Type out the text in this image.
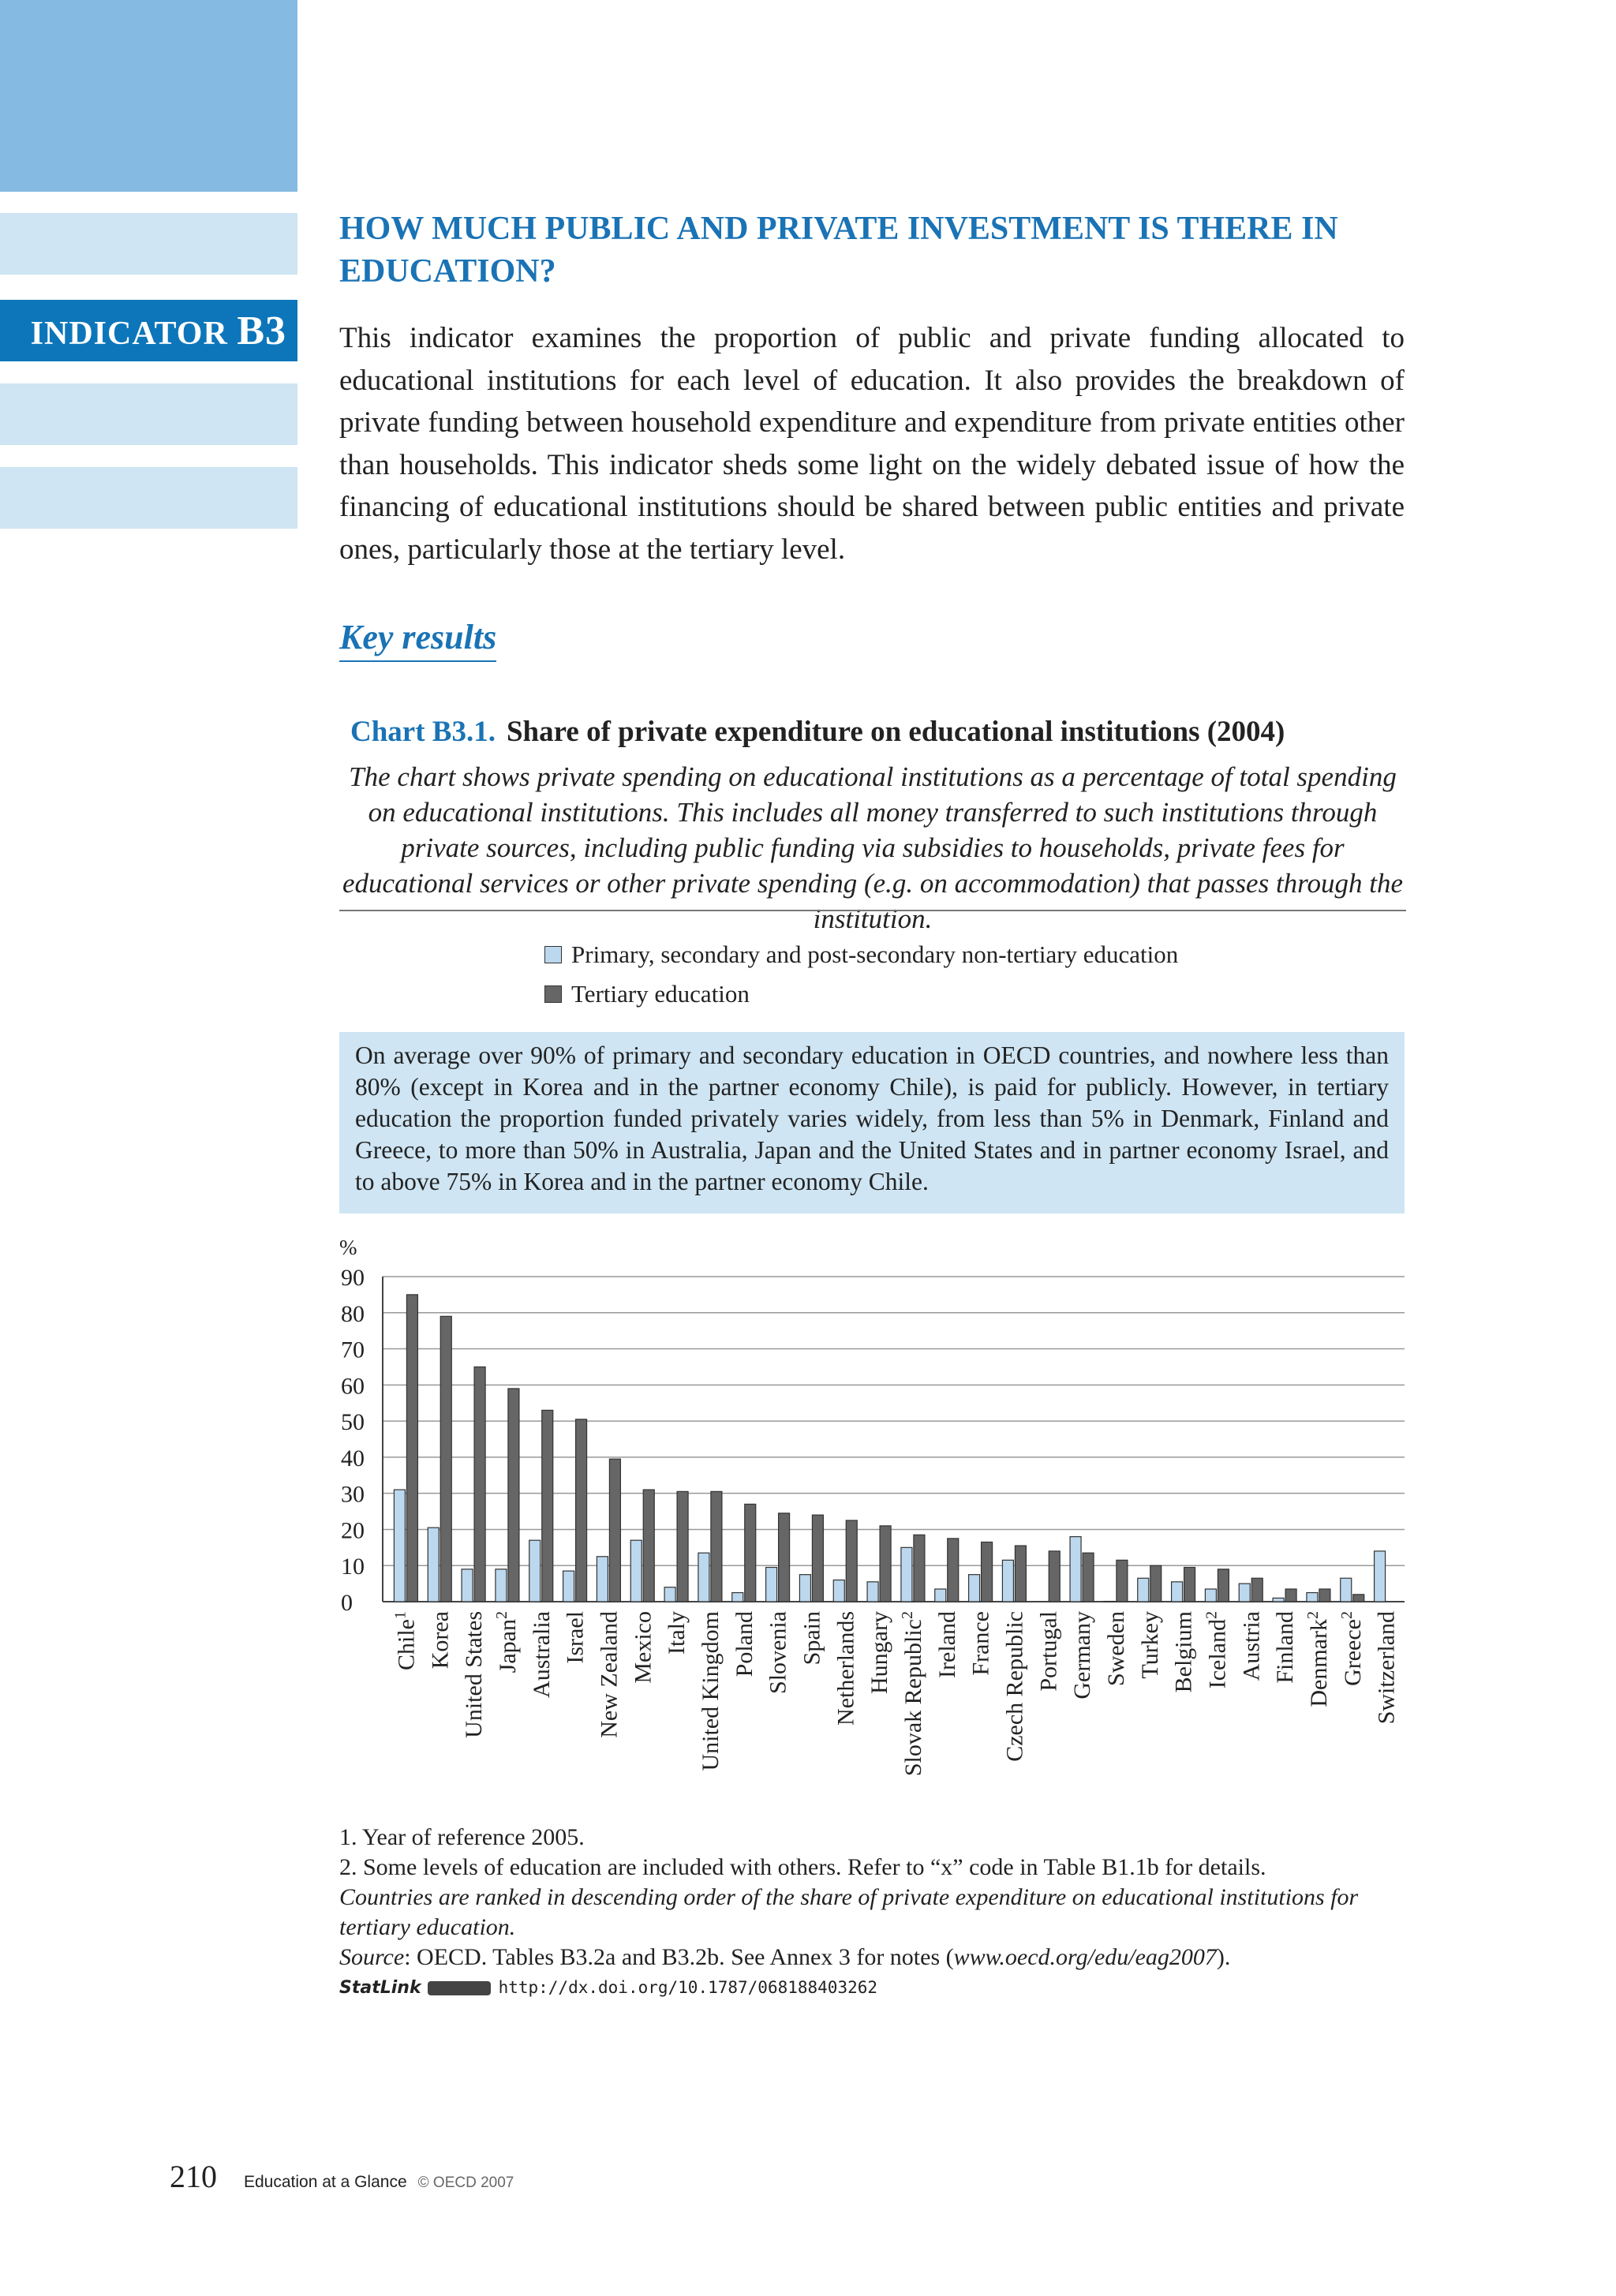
INDICATOR B3
HOW MUCH PUBLIC AND PRIVATE INVESTMENT IS THERE IN EDUCATION?

This indicator examines the proportion of public and private funding allocated to educational institutions for each level of education. It also provides the breakdown of private funding between household expenditure and expenditure from private entities other than households. This indicator sheds some light on the widely debated issue of how the financing of educational institutions should be shared between public entities and private ones, particularly those at the tertiary level.

Key results
Chart B3.1. Share of private expenditure on educational institutions (2004)

The chart shows private spending on educational institutions as a percentage of total spending on educational institutions. This includes all money transferred to such institutions through private sources, including public funding via subsidies to households, private fees for educational services or other private spending (e.g. on accommodation) that passes through the institution.

Primary, secondary and post-secondary non-tertiary education
Tertiary education

On average over 90% of primary and secondary education in OECD countries, and nowhere less than 80% (except in Korea and in the partner economy Chile), is paid for publicly. However, in tertiary education the proportion funded privately varies widely, from less than 5% in Denmark, Finland and Greece, to more than 50% in Australia, Japan and the United States and in partner economy Israel, and to above 75% in Korea and in the partner economy Chile.

%
0
10
20
30
40
50
60
70
80
90
Chile$^1$ Korea United States Japan$^2$ Australia Israel New Zealand Mexico Italy United Kingdom Poland Slovenia Spain Netherlands Hungary Slovak Republic$^2$ Ireland France Czech Republic Portugal Germany Sweden Turkey Belgium Iceland$^2$ Austria Finland Denmark$^2$
Greece$^2$ Switzerland

1. Year of reference 2005.

2. Some levels of education are included with others. Refer to “x” code in Table B1.1b for details.

Countries are ranked in descending order of the share of private expenditure on educational institutions for tertiary education.

Source: OECD. Tables B3.2a and B3.2b. See Annex 3 for notes (www.oecd.org/edu/eag2007).

StatLink	http://dx.doi.org/10.1787/068188403262

210 Education at a Glance © OECD 2007
